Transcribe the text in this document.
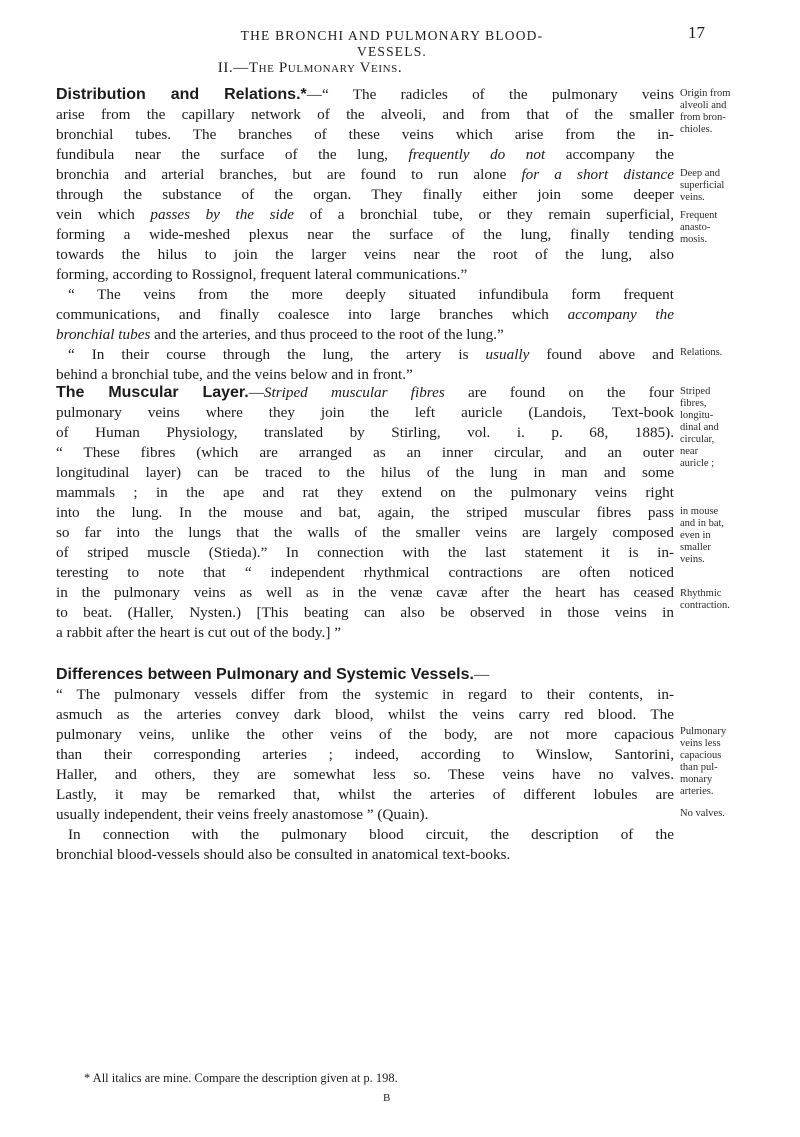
THE BRONCHI AND PULMONARY BLOOD-VESSELS.
17
II.—The Pulmonary Veins.
Distribution and Relations.*—“ The radicles of the pulmonary veins
arise from the capillary network of the alveoli, and from that of the smaller
bronchial tubes. The branches of these veins which arise from the in-
fundibula near the surface of the lung, frequently do not accompany the
bronchia and arterial branches, but are found to run alone for a short distance
through the substance of the organ. They finally either join some deeper
vein which passes by the side of a bronchial tube, or they remain superficial,
forming a wide-meshed plexus near the surface of the lung, finally tending
towards the hilus to join the larger veins near the root of the lung, also
forming, according to Rossignol, frequent lateral communications.”
“ The veins from the more deeply situated infundibula form frequent
communications, and finally coalesce into large branches which accompany the
bronchial tubes and the arteries, and thus proceed to the root of the lung.”
“ In their course through the lung, the artery is usually found above and
behind a bronchial tube, and the veins below and in front.”
The Muscular Layer.—Striped muscular fibres are found on the four
pulmonary veins where they join the left auricle (Landois, Text-book
of Human Physiology, translated by Stirling, vol. i. p. 68, 1885).
“ These fibres (which are arranged as an inner circular, and an outer
longitudinal layer) can be traced to the hilus of the lung in man and some
mammals ; in the ape and rat they extend on the pulmonary veins right
into the lung. In the mouse and bat, again, the striped muscular fibres pass
so far into the lungs that the walls of the smaller veins are largely composed
of striped muscle (Stieda).” In connection with the last statement it is in-
teresting to note that “ independent rhythmical contractions are often noticed
in the pulmonary veins as well as in the venæ cavæ after the heart has ceased
to beat. (Haller, Nysten.) [This beating can also be observed in those veins in
a rabbit after the heart is cut out of the body.] ”
Differences between Pulmonary and Systemic Vessels.—
“ The pulmonary vessels differ from the systemic in regard to their contents, in-
asmuch as the arteries convey dark blood, whilst the veins carry red blood. The
pulmonary veins, unlike the other veins of the body, are not more capacious
than their corresponding arteries ; indeed, according to Winslow, Santorini,
Haller, and others, they are somewhat less so. These veins have no valves.
Lastly, it may be remarked that, whilst the arteries of different lobules are
usually independent, their veins freely anastomose ” (Quain).
In connection with the pulmonary blood circuit, the description of the
bronchial blood-vessels should also be consulted in anatomical text-books.
Origin from
alveoli and
from bron-
chioles.
Deep and
superficial
veins.
Frequent
anasto-
mosis.
Relations.
Striped
fibres,
longitu-
dinal and
circular,
near
auricle ;
in mouse
and in bat,
even in
smaller
veins.
Rhythmic
contraction.
Pulmonary
veins less
capacious
than pul-
monary
arteries.
No valves.
* All italics are mine. Compare the description given at p. 198.
B
